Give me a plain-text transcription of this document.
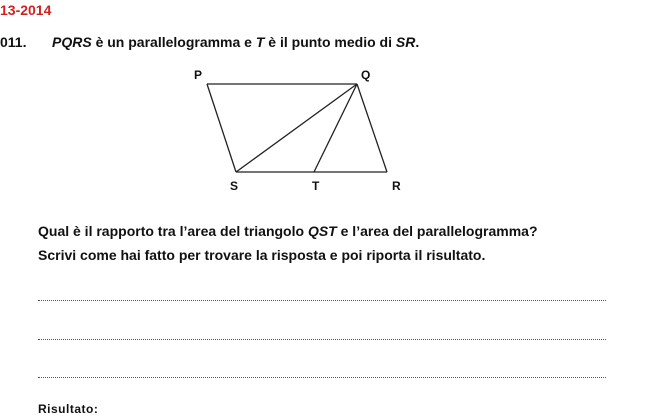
13-2014
011. PQRS è un parallelogramma e T è il punto medio di SR.
P	Q
S	T	R
Qual è il rapporto tra l’area del triangolo QST e l’area del parallelogramma?
Scrivi come hai fatto per trovare la risposta e poi riporta il risultato.
Risultato:
